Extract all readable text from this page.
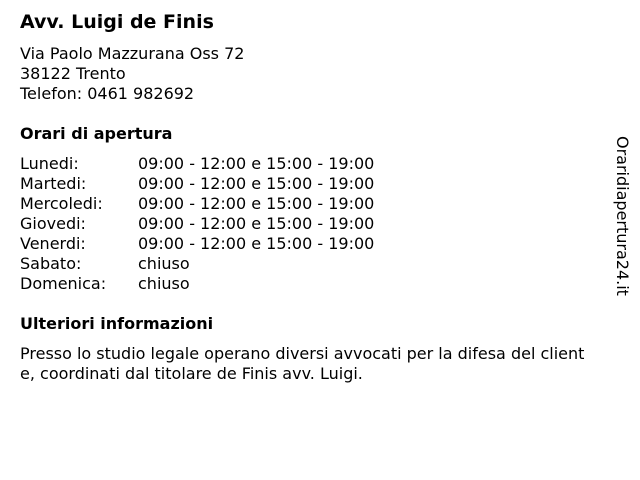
Avv. Luigi de Finis
Via Paolo Mazzurana Oss 72
38122 Trento
Telefon: 0461 982692
Orari di apertura
Lunedi:	09:00 - 12:00 e 15:00 - 19:00
Martedi:	09:00 - 12:00 e 15:00 - 19:00
Mercoledi: 09:00 - 12:00 e 15:00 - 19:00
Giovedi:	09:00 - 12:00 e 15:00 - 19:00
Venerdi:	09:00 - 12:00 e 15:00 - 19:00
Sabato:	chiuso
Domenica: chiuso
Ulteriori informazioni

Presso lo studio legale operano diversi avvocati per la difesa del cliente, coordinati dal titolare de Finis avv. Luigi.

Oraridiapertura24.it
